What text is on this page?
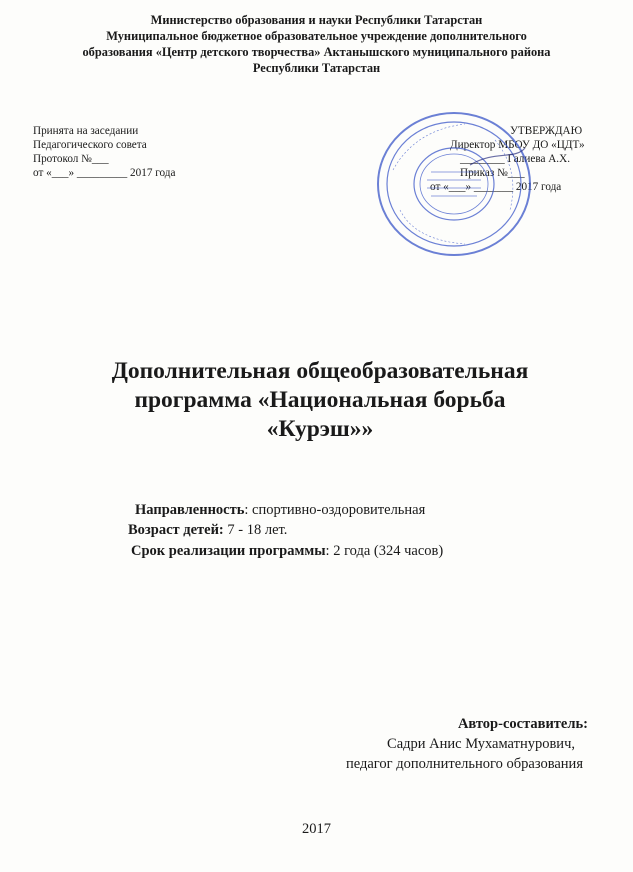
Министерство образования и науки Республики Татарстан
Муниципальное бюджетное образовательное учреждение дополнительного
образования «Центр детского творчества» Актанышского муниципального района
Республики Татарстан
Принята на заседании
Педагогического совета
Протокол №___
от «___» _________ 2017 года
УТВЕРЖДАЮ
Директор МБОУ ДО «ЦДТ»
________ Галиева А.Х.
Приказ №___
от «___» _______ 2017 года
Дополнительная общеобразовательная
программа «Национальная борьба
«Курэш»»
Направленность: спортивно-оздоровительная
Возраст детей: 7 - 18 лет.
Срок реализации программы: 2 года (324 часов)
Автор-составитель:
Садри Анис Мухаматнурович,
педагог дополнительного образования
2017
